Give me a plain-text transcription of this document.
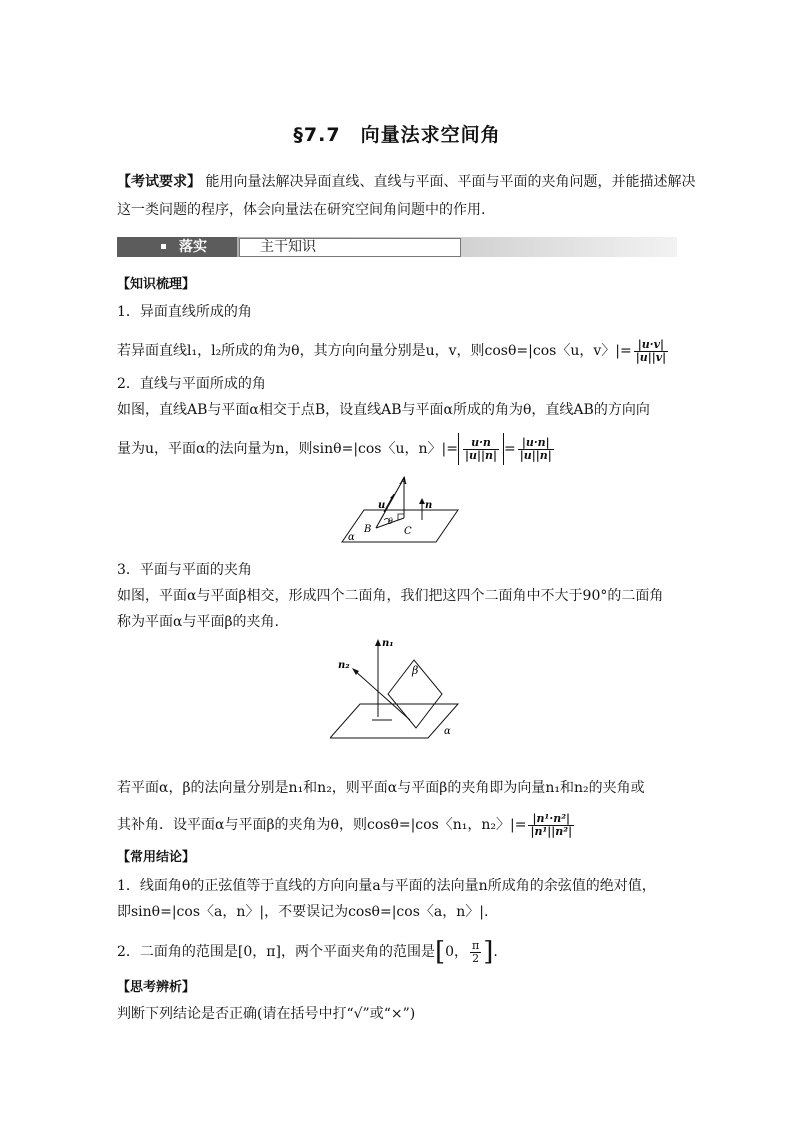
§7.7　向量法求空间角
【考试要求】 能用向量法解决异面直线、直线与平面、平面与平面的夹角问题，并能描述解决
这一类问题的程序，体会向量法在研究空间角问题中的作用.
落实	主干知识
【知识梳理】
1．异面直线所成的角
若异面直线l₁，l₂所成的角为θ，其方向向量分别是u，v，则cosθ=|cos〈u，v〉|= $\frac{|u\cdot v|}{|u||v|}$
2．直线与平面所成的角
如图，直线AB与平面α相交于点B，设直线AB与平面α所成的角为θ，直线AB的方向向
量为u，平面α的法向量为n，则sinθ=|cos〈u，n〉|= $\frac{u\cdot n}{|u||n|} = \frac{|u\cdot n|}{|u||n|}$
A
u	n
θ
B	C
α
3．平面与平面的夹角
如图，平面α与平面β相交，形成四个二面角，我们把这四个二面角中不大于90°的二面角
称为平面α与平面β的夹角.
n₁
n₂	β
α
若平面α，β的法向量分别是n₁和n₂，则平面α与平面β的夹角即为向量n₁和n₂的夹角或
其补角．设平面α与平面β的夹角为θ，则cosθ=|cos〈n₁，n₂〉|= $\frac{\text{|n¹·n²|}}{\text{|n¹||n²|}}$
【常用结论】
1．线面角θ的正弦值等于直线的方向向量a与平面的法向量n所成角的余弦值的绝对值，
即sinθ=|cos〈a，n〉|，不要误记为cosθ=|cos〈a，n〉|.
2．二面角的范围是[0，π]，两个平面夹角的范围是[0， $\frac{\pi}{2}$ ].
【思考辨析】
判断下列结论是否正确(请在括号中打“√”或“×”)
